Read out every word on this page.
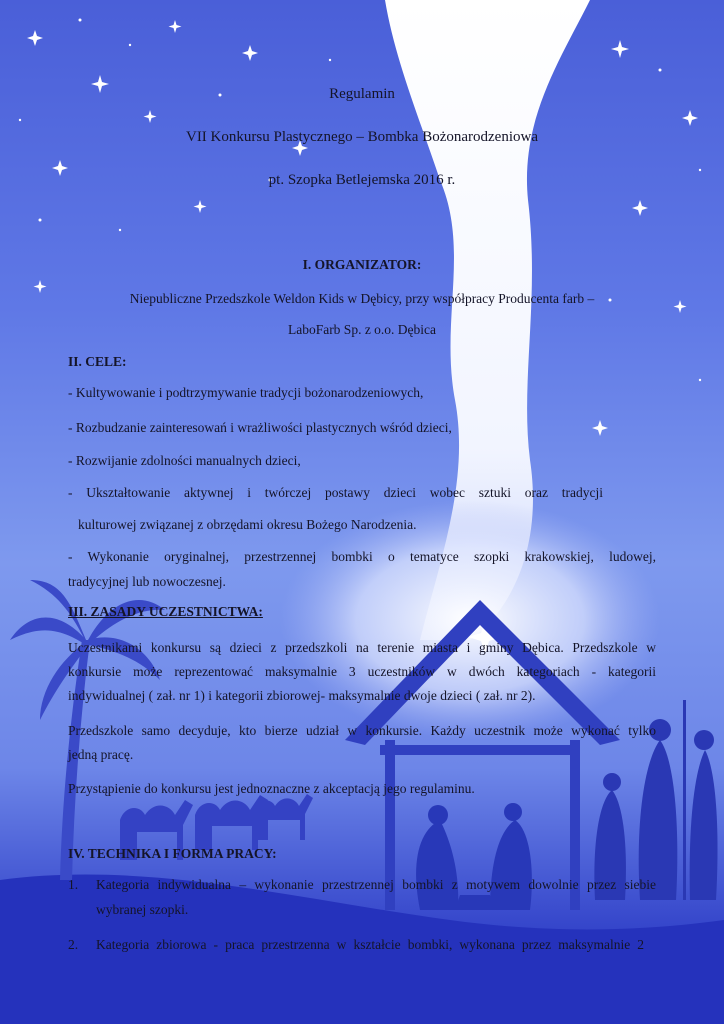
Regulamin
VII Konkursu Plastycznego – Bombka Bożonarodzeniowa
pt. Szopka Betlejemska 2016 r.
I. ORGANIZATOR:
Niepubliczne Przedszkole Weldon Kids w Dębicy, przy współpracy Producenta farb –
LaboFarb Sp. z o.o. Dębica
II. CELE:
- Kultywowanie i podtrzymywanie tradycji bożonarodzeniowych,
- Rozbudzanie zainteresowań i wrażliwości plastycznych wśród dzieci,
- Rozwijanie zdolności manualnych dzieci,
- Ukształtowanie aktywnej i twórczej postawy dzieci wobec sztuki oraz tradycji
kulturowej związanej z obrzędami okresu Bożego Narodzenia.
- Wykonanie oryginalnej, przestrzennej bombki o tematyce szopki krakowskiej, ludowej,
tradycyjnej lub nowoczesnej.
III. ZASADY UCZESTNICTWA:
Uczestnikami konkursu są dzieci z przedszkoli na terenie miasta i gminy Dębica. Przedszkole w
konkursie może reprezentować maksymalnie 3 uczestników w dwóch kategoriach - kategorii
indywidualnej ( zał. nr 1) i kategorii zbiorowej- maksymalnie dwoje dzieci ( zał. nr 2).
Przedszkole samo decyduje, kto bierze udział w konkursie. Każdy uczestnik może wykonać tylko
jedną pracę.
Przystąpienie do konkursu jest jednoznaczne z akceptacją jego regulaminu.
IV. TECHNIKA I FORMA PRACY:
1. Kategoria indywidualna – wykonanie przestrzennej bombki z motywem dowolnie przez siebie
wybranej szopki.
2. Kategoria zbiorowa - praca przestrzenna w kształcie bombki, wykonana przez maksymalnie 2
